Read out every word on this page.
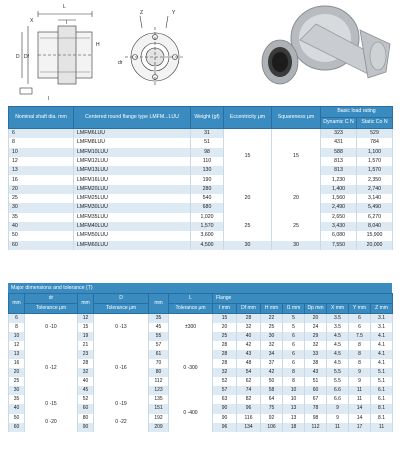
L
l
X
D Df
dr
H
Z	Y
l
Nominal shaft dia. mm	Centered round flange type LMFM...LUU	Weight (gf)	Eccentricity μm	Squareness μm	Basic load rating	
					Dynamic C N	Static Co N
6	LMFM6LUU	31	15	15	323	529
8	LMFM8LUU	51			431	784
10	LMFM10LUU	98			588	1,100
12	LMFM12LUU	110			813	1,570
13	LMFM13LUU	130			813	1,570
16	LMFM16LUU	190			1,230	2,350
20	LMFM20LUU	280	20	20	1,400	2,740
25	LMFM25LUU	540			1,560	3,140
30	LMFM30LUU	680			2,490	5,490
35	LMFM35LUU	1,020	25	25	2,650	6,270
40	LMFM40LUU	1,570			3,430	8,040
50	LMFM50LUU	3,600			6,080	15,900
60	LMFM60LUU	4,500	30	30	7,550	20,000
Major dimensions and tolerance (T)
mm	dr	mm	D	mm	L	Flange							
	Tolerance μm		Tolerance μm		Tolerance μm	l mm	Df mm	H mm	l1 mm	Dp mm	X mm	Y mm	Z mm
6	0 -10	12	0 -13	35	±300	15	28	22	5	20	3.5	6	3.1
8		15		45		20	32	25	5	24	3.5	6	3.1
10		19		55		25	40	30	6	29	4.5	7.5	4.1
12	0 -12	21	0 -16	57	0 -300	28	42	32	6	32	4.5	8	4.1
13		23		61		28	43	34	6	33	4.5	8	4.1
16		28		70		28	48	37	6	38	4.5	8	4.1
20		32		80		32	54	42	8	43	5.5	9	5.1
25		40		112		52	62	50	8	51	5.5	9	5.1
30		45		123		57	74	58	10	60	6.6	11	6.1
35	0 -15	52	0 -19	135	0 -400	63	82	64	10	67	6.6	11	6.1
40		60		151		90	96	75	13	78	9	14	8.1
50	0 -20	80	0 -22	192		90	116	92	13	98	9	14	8.1
60		90		209		96	134	106	18	112	11	17	11
